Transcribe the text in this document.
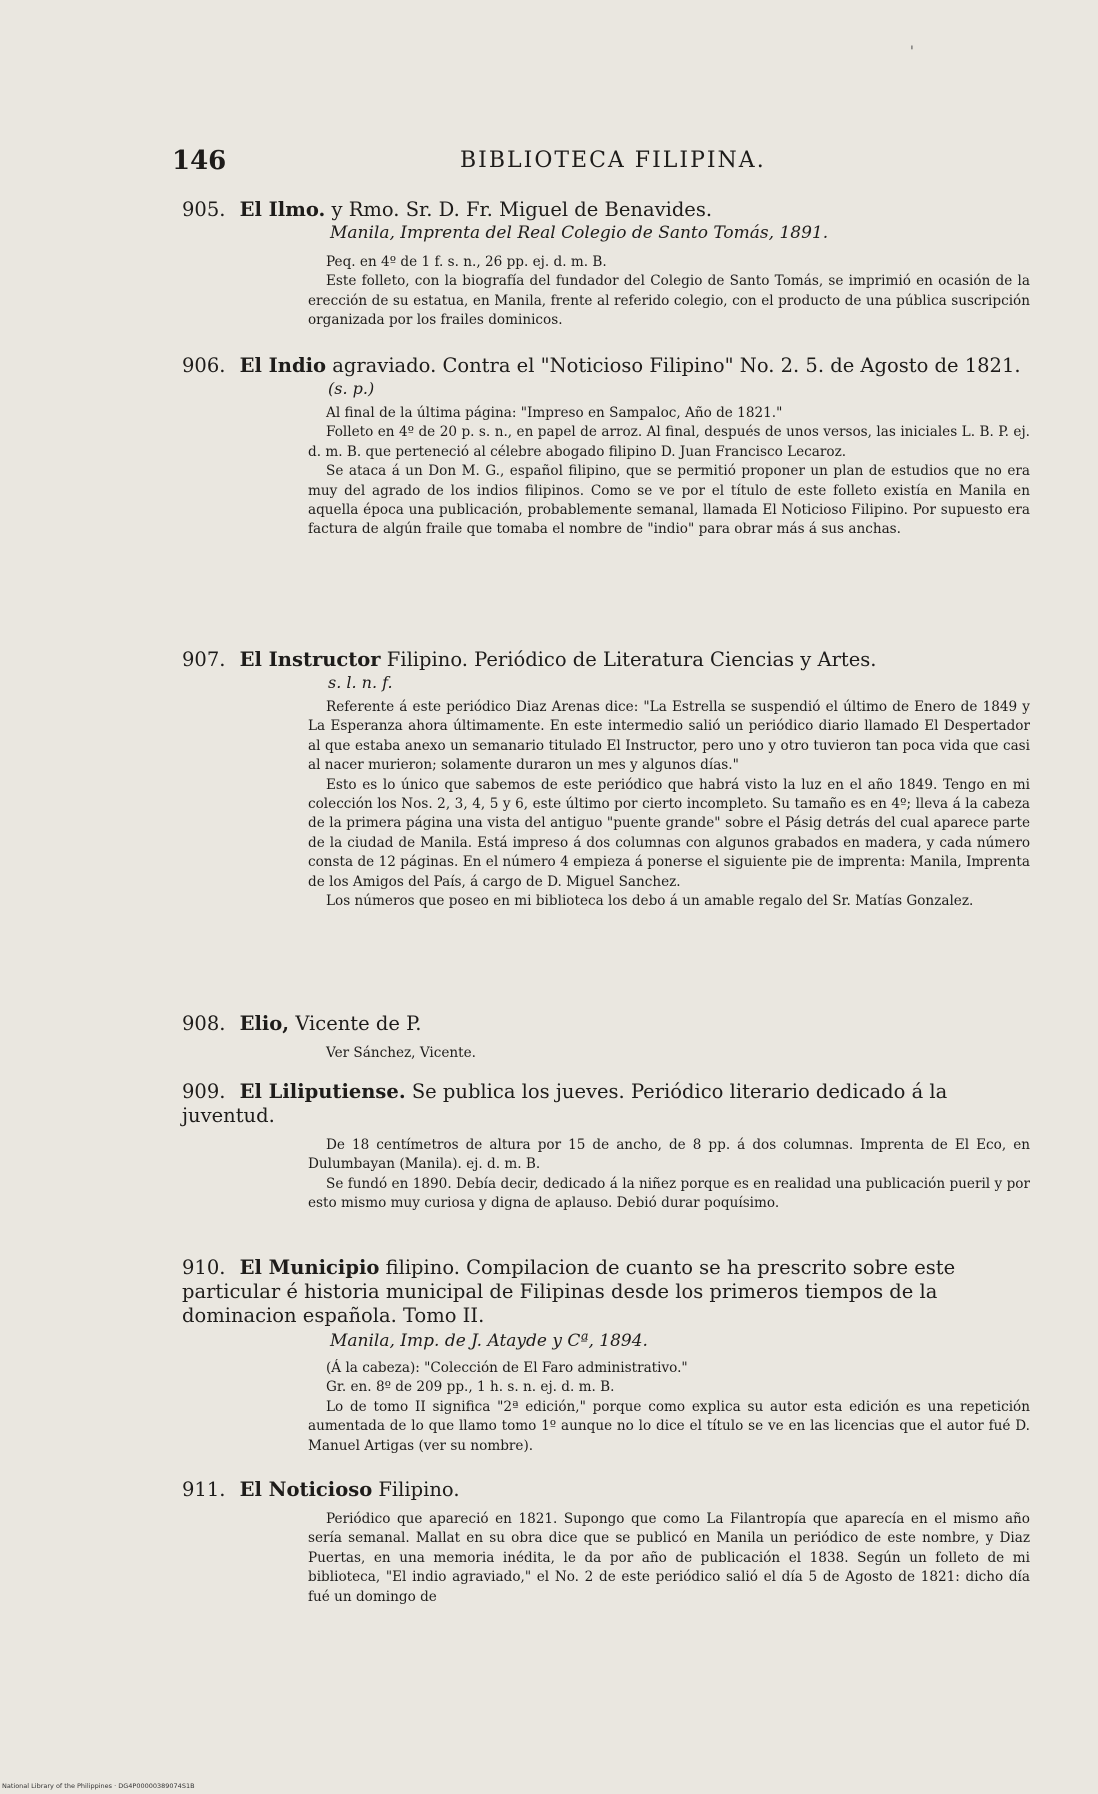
'
146	BIBLIOTECA FILIPINA.
905. El Ilmo. y Rmo. Sr. D. Fr. Miguel de Benavides.
Manila, Imprenta del Real Colegio de Santo Tomás, 1891.

Peq. en 4º de 1 f. s. n., 26 pp. ej. d. m. B.

Este folleto, con la biografía del fundador del Colegio de Santo Tomás, se imprimió en ocasión de la erección de su estatua, en Manila, frente al referido colegio, con el producto de una pública suscripción organizada por los frailes dominicos.

906. El Indio agraviado. Contra el "Noticioso Filipino" No. 2. 5. de Agosto de 1821.
(s. p.)

Al final de la última página: "Impreso en Sampaloc, Año de 1821."

Folleto en 4º de 20 p. s. n., en papel de arroz. Al final, después de unos versos, las iniciales L. B. P. ej. d. m. B. que perteneció al célebre abogado filipino D. Juan Francisco Lecaroz.

Se ataca á un Don M. G., español filipino, que se permitió proponer un plan de estudios que no era muy del agrado de los indios filipinos. Como se ve por el título de este folleto existía en Manila en aquella época una publicación, probablemente semanal, llamada El Noticioso Filipino. Por supuesto era factura de algún fraile que tomaba el nombre de "indio" para obrar más á sus anchas.

907. El Instructor Filipino. Periódico de Literatura Ciencias y Artes.
s. l. n. f.

Referente á este periódico Diaz Arenas dice: "La Estrella se suspendió el último de Enero de 1849 y La Esperanza ahora últimamente. En este intermedio salió un periódico diario llamado El Despertador al que estaba anexo un semanario titulado El Instructor, pero uno y otro tuvieron tan poca vida que casi al nacer murieron; solamente duraron un mes y algunos días."

Esto es lo único que sabemos de este periódico que habrá visto la luz en el año 1849. Tengo en mi colección los Nos. 2, 3, 4, 5 y 6, este último por cierto incompleto. Su tamaño es en 4º; lleva á la cabeza de la primera página una vista del antiguo "puente grande" sobre el Pásig detrás del cual aparece parte de la ciudad de Manila. Está impreso á dos columnas con algunos grabados en madera, y cada número consta de 12 páginas. En el número 4 empieza á ponerse el siguiente pie de imprenta: Manila, Imprenta de los Amigos del País, á cargo de D. Miguel Sanchez.

Los números que poseo en mi biblioteca los debo á un amable regalo del Sr. Matías Gonzalez.

908. Elio, Vicente de P.

Ver Sánchez, Vicente.

909. El Liliputiense. Se publica los jueves. Periódico literario dedicado á la juventud.

De 18 centímetros de altura por 15 de ancho, de 8 pp. á dos columnas. Imprenta de El Eco, en Dulumbayan (Manila). ej. d. m. B.

Se fundó en 1890. Debía decir, dedicado á la niñez porque es en realidad una publicación pueril y por esto mismo muy curiosa y digna de aplauso. Debió durar poquísimo.

910. El Municipio filipino. Compilacion de cuanto se ha prescrito sobre este particular é historia municipal de Filipinas desde los primeros tiempos de la dominacion española. Tomo II.
Manila, Imp. de J. Atayde y Cª, 1894.

(Á la cabeza): "Colección de El Faro administrativo."

Gr. en. 8º de 209 pp., 1 h. s. n. ej. d. m. B.

Lo de tomo II significa "2ª edición," porque como explica su autor esta edición es una repetición aumentada de lo que llamo tomo 1º aunque no lo dice el título se ve en las licencias que el autor fué D. Manuel Artigas (ver su nombre).

911. El Noticioso Filipino.

Periódico que apareció en 1821. Supongo que como La Filantropía que aparecía en el mismo año sería semanal. Mallat en su obra dice que se publicó en Manila un periódico de este nombre, y Diaz Puertas, en una memoria inédita, le da por año de publicación el 1838. Según un folleto de mi biblioteca, "El indio agraviado," el No. 2 de este periódico salió el día 5 de Agosto de 1821: dicho día fué un domingo de

National Library of the Philippines · DG4P00000389074S1B
